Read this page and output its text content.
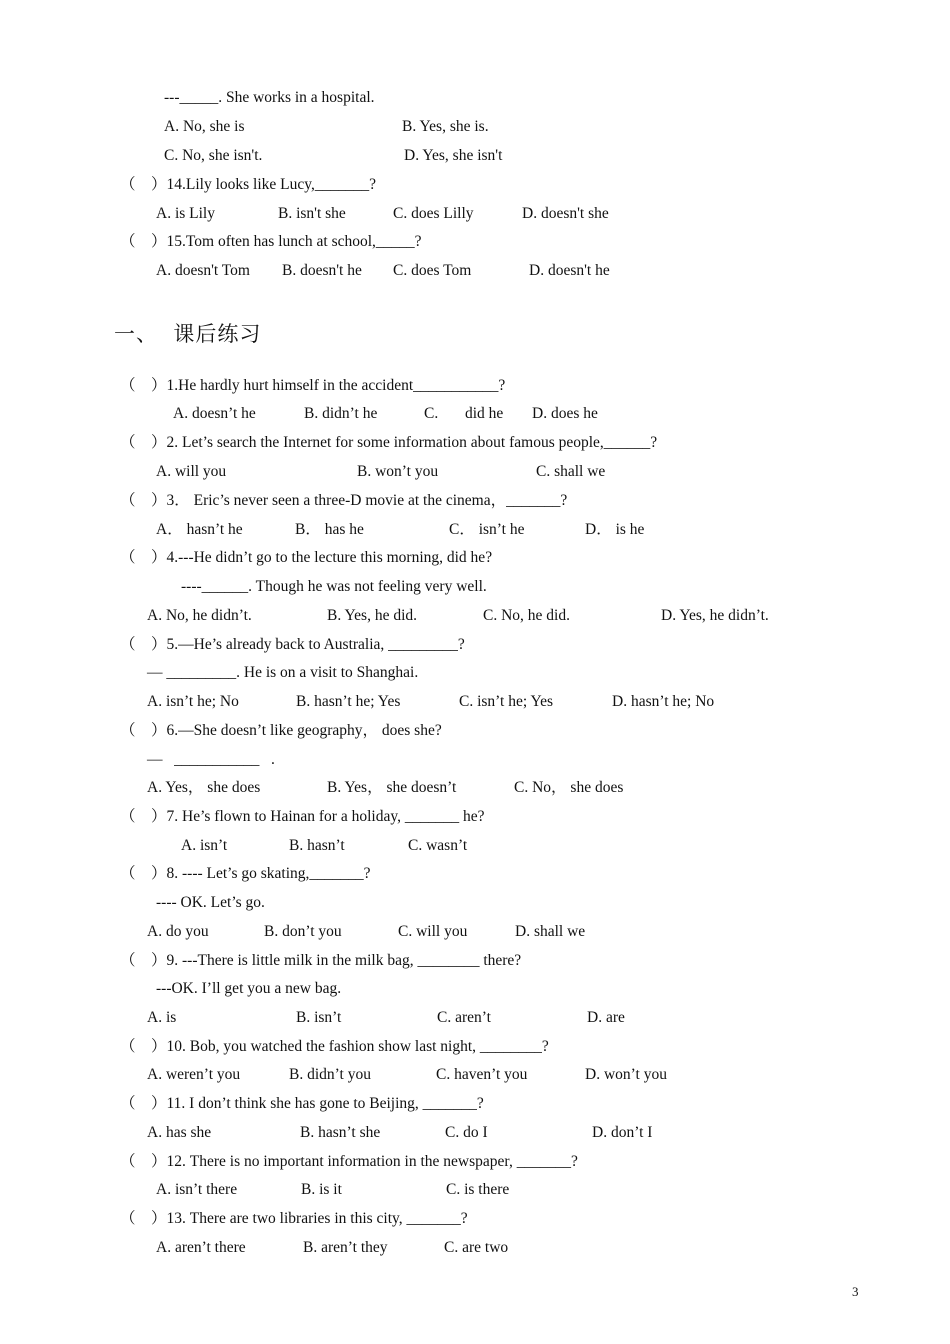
---_____. She works in a hospital.
A. No, she is	B. Yes, she is.
C. No, she isn't.	D. Yes, she isn't
（    ）14.Lily looks like Lucy,_______?
A. is Lily	B. isn't she	C. does Lilly	D. doesn't she
（    ）15.Tom often has lunch at school,_____?
A. doesn't Tom B. doesn't he C. does Tom	D. doesn't he
一、  课后练习
（    ）1.He hardly hurt himself in the accident___________?
A. doesn’t he	B. didn’t he	C. did he D. does he
（    ）2. Let’s search the Internet for some information about famous people,______?
A. will you	B. won’t you	C. shall we
（    ）3． Eric’s never seen a three-D movie at the cinema，_______?
A． hasn’t he	B． has he	C． isn’t he	D． is he
（    ）4.---He didn’t go to the lecture this morning, did he?
----______. Though he was not feeling very well.
A. No, he didn’t.	B. Yes, he did.	C. No, he did.	D. Yes, he didn’t.
（    ）5.—He’s already back to Australia, _________?
— _________. He is on a visit to Shanghai.
A. isn’t he; No	B. hasn’t he; Yes	C. isn’t he; Yes	D. hasn’t he; No
（    ）6.—She doesn’t like geography， does she?
—   ___________   .
A. Yes， she does	B. Yes， she doesn’t	C. No， she does
（    ）7. He’s flown to Hainan for a holiday, _______ he?
A. isn’t	B. hasn’t	C. wasn’t
（    ）8. ---- Let’s go skating,_______?
---- OK. Let’s go.
A. do you	B. don’t you	C. will you	D. shall we
（    ）9. ---There is little milk in the milk bag, ________ there?
---OK. I’ll get you a new bag.
A. is	B. isn’t	C. aren’t	D. are
（    ）10. Bob, you watched the fashion show last night, ________?
A. weren’t you	B. didn’t you	C. haven’t you	D. won’t you
（    ）11. I don’t think she has gone to Beijing, _______?
A. has she	B. hasn’t she	C. do I	D. don’t I
（    ）12. There is no important information in the newspaper, _______?
A. isn’t there	B. is it	C. is there
（    ）13. There are two libraries in this city, _______?
A. aren’t there	B. aren’t they	C. are two
3
